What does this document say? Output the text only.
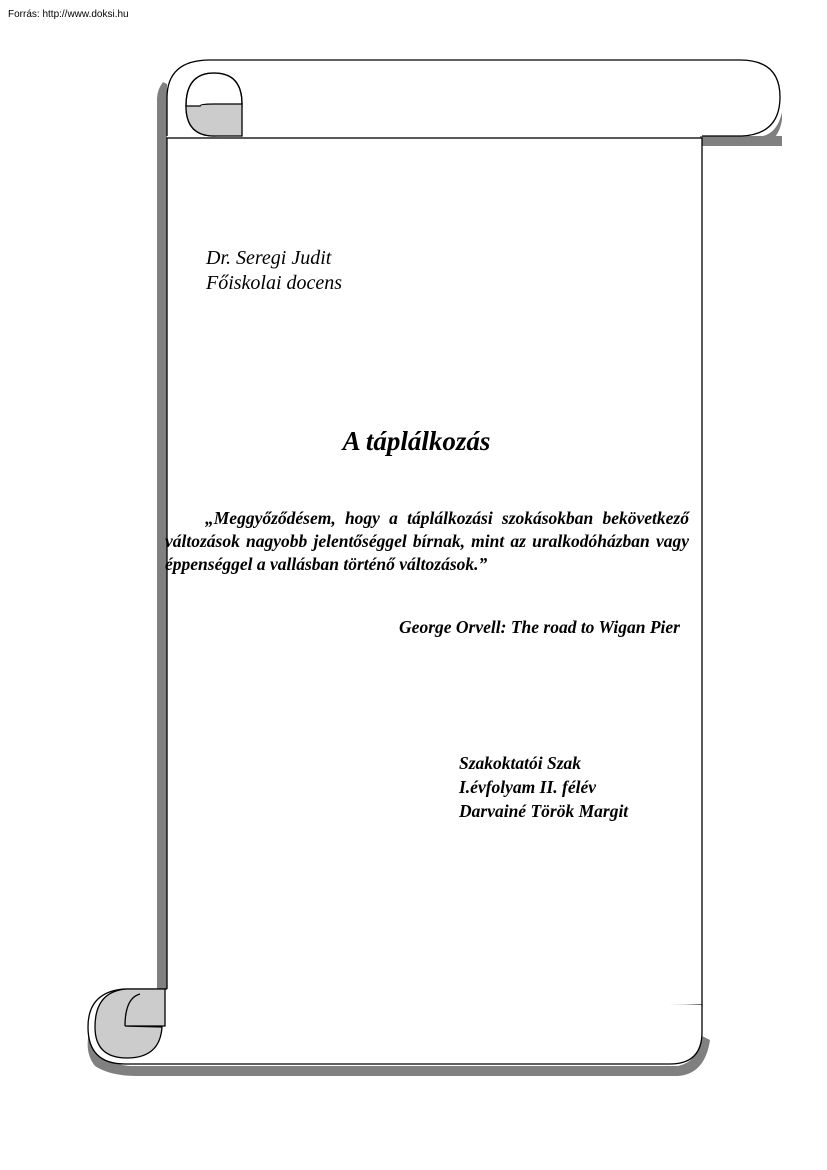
Forrás: http://www.doksi.hu
Dr. Seregi Judit
Főiskolai docens
A táplálkozás
„Meggyőződésem, hogy a táplálkozási szokásokban bekövetkező változások nagyobb jelentőséggel bírnak, mint az uralkodóházban vagy éppenséggel a vallásban történő változások.”
George Orvell: The road to Wigan Pier
Szakoktatói Szak
I.évfolyam II. félév
Darvainé Török Margit
